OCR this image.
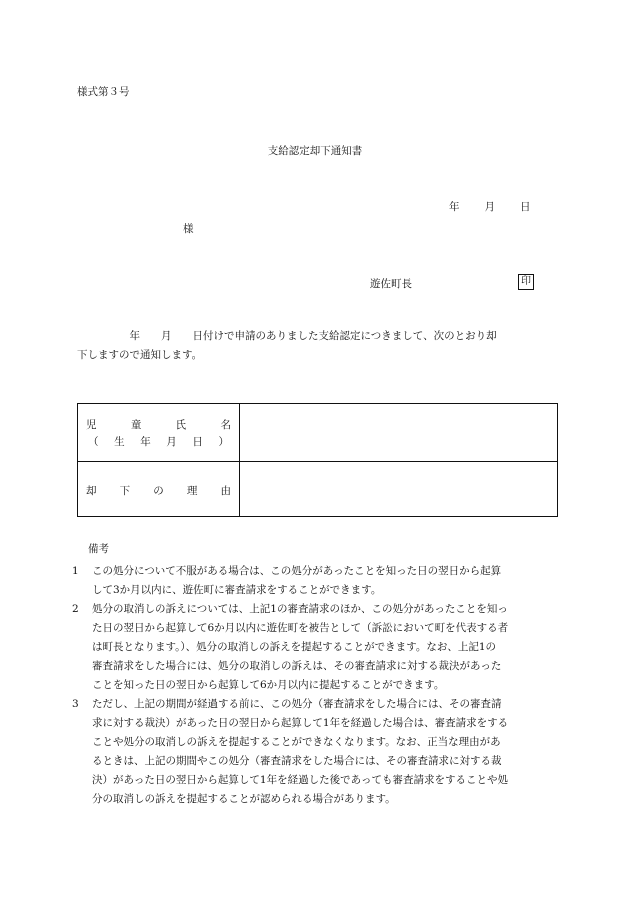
様式第３号
支給認定却下通知書
年 月 日
様
遊佐町長	印
　　　　　年　　月　　日付けで申請のありました支給認定につきまして、次のとおり却
下しますので通知します。
児	童	氏	名
（ 生 年 月 日 ）
却 下 の 理 由
備考
1 この処分について不服がある場合は、この処分があったことを知った日の翌日から起算
して3か月以内に、遊佐町に審査請求をすることができます。
2 処分の取消しの訴えについては、上記1の審査請求のほか、この処分があったことを知っ
た日の翌日から起算して6か月以内に遊佐町を被告として（訴訟において町を代表する者
は町長となります。）、処分の取消しの訴えを提起することができます。なお、上記1の
審査請求をした場合には、処分の取消しの訴えは、その審査請求に対する裁決があった
ことを知った日の翌日から起算して6か月以内に提起することができます。
3 ただし、上記の期間が経過する前に、この処分（審査請求をした場合には、その審査請
求に対する裁決）があった日の翌日から起算して1年を経過した場合は、審査請求をする
ことや処分の取消しの訴えを提起することができなくなります。なお、正当な理由があ
るときは、上記の期間やこの処分（審査請求をした場合には、その審査請求に対する裁
決）があった日の翌日から起算して1年を経過した後であっても審査請求をすることや処
分の取消しの訴えを提起することが認められる場合があります。
